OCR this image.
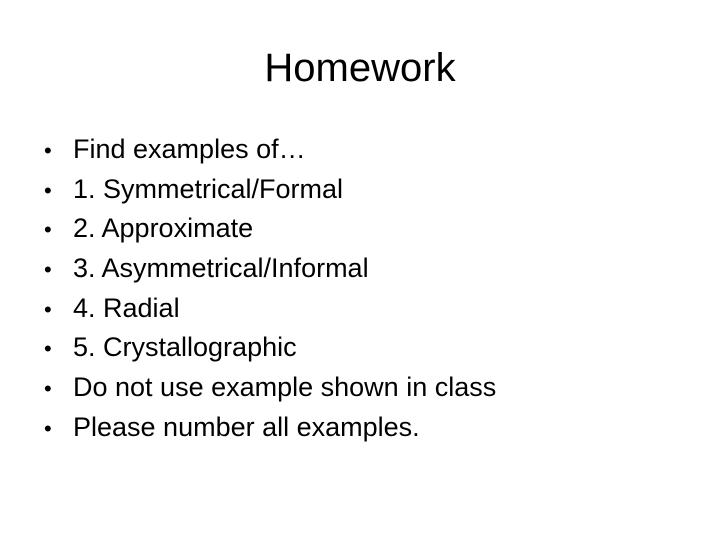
Homework
• Find examples of…
• 1. Symmetrical/Formal
• 2. Approximate
• 3. Asymmetrical/Informal
• 4. Radial
• 5. Crystallographic
• Do not use example shown in class
• Please number all examples.
